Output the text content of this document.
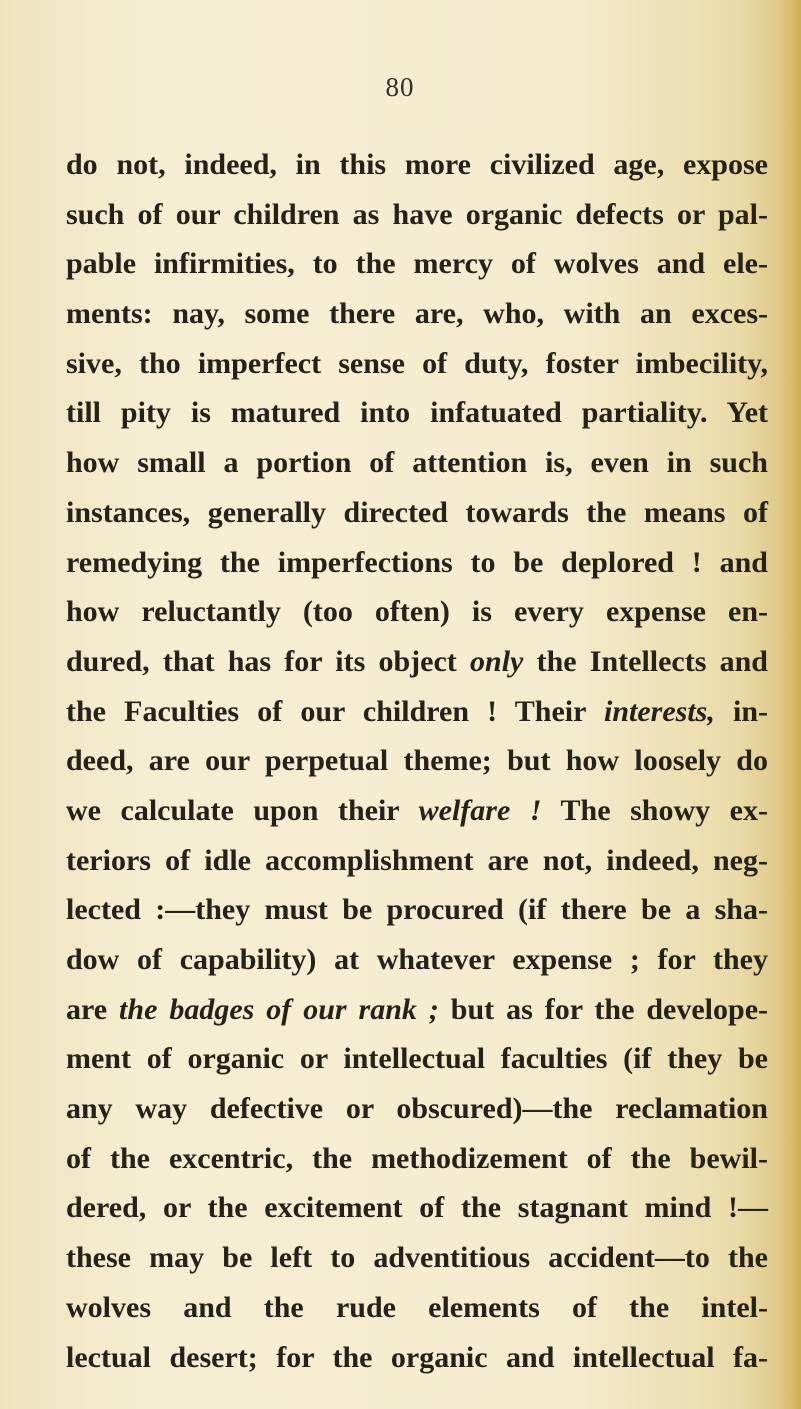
80
do not, indeed, in this more civilized age, expose
such of our children as have organic defects or pal-
pable infirmities, to the mercy of wolves and ele-
ments: nay, some there are, who, with an exces-
sive, tho imperfect sense of duty, foster imbecility,
till pity is matured into infatuated partiality. Yet
how small a portion of attention is, even in such
instances, generally directed towards the means of
remedying the imperfections to be deplored ! and
how reluctantly (too often) is every expense en-
dured, that has for its object only the Intellects and
the Faculties of our children ! Their interests, in-
deed, are our perpetual theme; but how loosely do
we calculate upon their welfare ! The showy ex-
teriors of idle accomplishment are not, indeed, neg-
lected :—they must be procured (if there be a sha-
dow of capability) at whatever expense ; for they
are the badges of our rank ; but as for the develope-
ment of organic or intellectual faculties (if they be
any way defective or obscured)—the reclamation
of the excentric, the methodizement of the bewil-
dered, or the excitement of the stagnant mind !—
these may be left to adventitious accident—to the
wolves and the rude elements of the intel-
lectual desert; for the organic and intellectual fa-
